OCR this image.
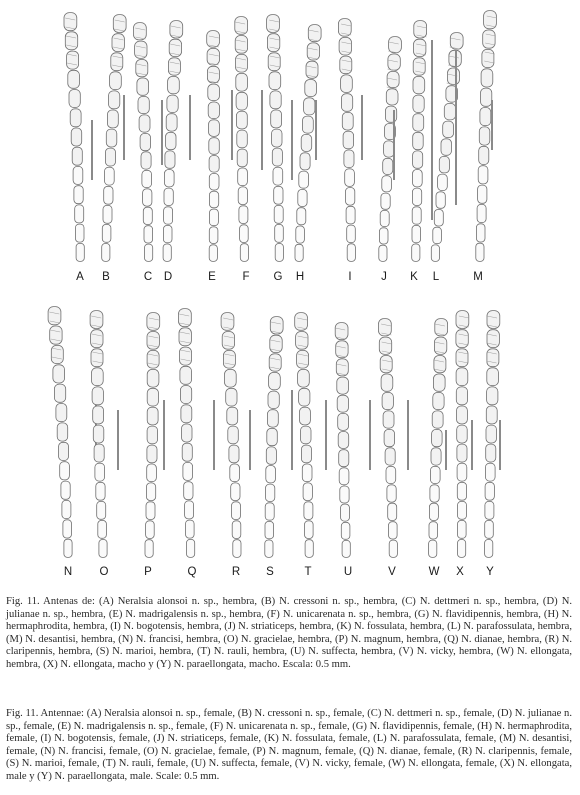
A B	C D	E F G H	I	J K L	M
N O	P	Q	R S	T	U	V	W X Y

Fig. 11. Antenas de: (A) Neralsia alonsoi n. sp., hembra, (B) N. cressoni n. sp., hembra, (C) N. dettmeri n. sp., hembra, (D) N. julianae n. sp., hembra, (E) N. madrigalensis n. sp., hembra, (F) N. unicarenata n. sp., hembra, (G) N. flavidipennis, hembra, (H) N. hermaphrodita, hembra, (I) N. bogotensis, hembra, (J) N. striaticeps, hembra, (K) N. fossulata, hembra, (L) N. parafossulata, hembra, (M) N. desantisi, hembra, (N) N. francisi, hembra, (O) N. gracielae, hembra, (P) N. magnum, hembra, (Q) N. dianae, hembra, (R) N. claripennis, hembra, (S) N. marioi, hembra, (T) N. rauli, hembra, (U) N. suffecta, hembra, (V) N. vicky, hembra, (W) N. ellongata, hembra, (X) N. ellongata, macho y (Y) N. paraellongata, macho. Escala: 0.5 mm.

Fig. 11. Antennae: (A) Neralsia alonsoi n. sp., female, (B) N. cressoni n. sp., female, (C) N. dettmeri n. sp., female, (D) N. julianae n. sp., female, (E) N. madrigalensis n. sp., female, (F) N. unicarenata n. sp., female, (G) N. flavidipennis, female, (H) N. hermaphrodita, female, (I) N. bogotensis, female, (J) N. striaticeps, female, (K) N. fossulata, female, (L) N. parafossulata, female, (M) N. desantisi, female, (N) N. francisi, female, (O) N. gracielae, female, (P) N. magnum, female, (Q) N. dianae, female, (R) N. claripennis, female, (S) N. marioi, female, (T) N. rauli, female, (U) N. suffecta, female, (V) N. vicky, female, (W) N. ellongata, female, (X) N. ellongata, male y (Y) N. paraellongata, male. Scale: 0.5 mm.
